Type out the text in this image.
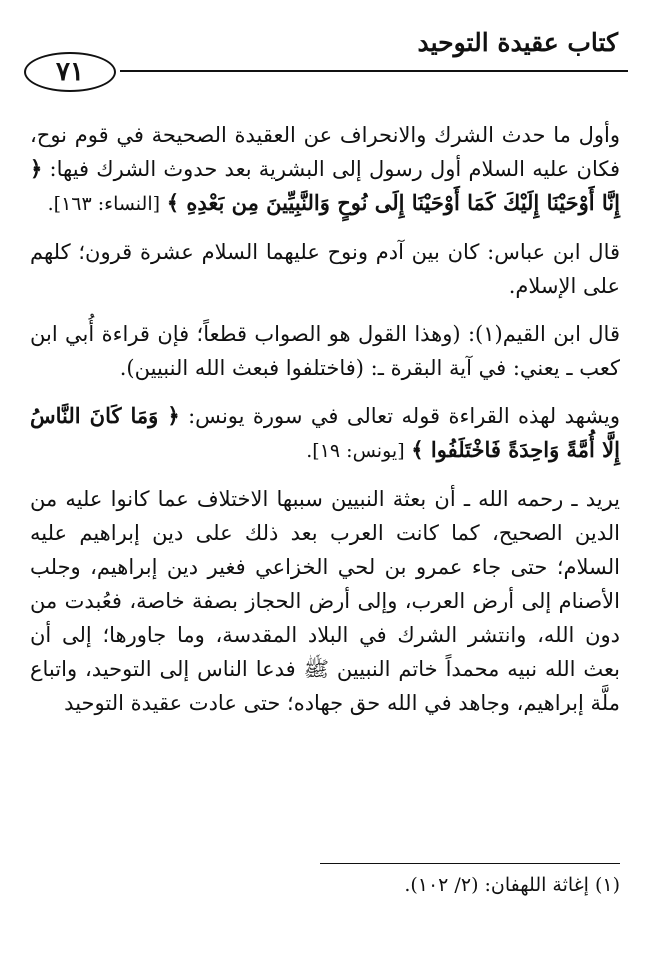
كتاب عقيدة التوحيد
٧١

وأول ما حدث الشرك والانحراف عن العقيدة الصحيحة في قوم نوح، فكان عليه السلام أول رسول إلى البشرية بعد حدوث الشرك فيها: ﴿ إِنَّا أَوْحَيْنَا إِلَيْكَ كَمَا أَوْحَيْنَا إِلَى نُوحٍ وَالنَّبِيِّينَ مِن بَعْدِهِ ﴾ [النساء: ١٦٣].

قال ابن عباس: كان بين آدم ونوح عليهما السلام عشرة قرون؛ كلهم على الإسلام.

قال ابن القيم(١): (وهذا القول هو الصواب قطعاً؛ فإن قراءة أُبي ابن كعب ـ يعني: في آية البقرة ـ: (فاختلفوا فبعث الله النبيين).

ويشهد لهذه القراءة قوله تعالى في سورة يونس: ﴿ وَمَا كَانَ النَّاسُ إِلَّا أُمَّةً وَاحِدَةً فَاخْتَلَفُوا ﴾ [يونس: ١٩].

يريد ـ رحمه الله ـ أن بعثة النبيين سببها الاختلاف عما كانوا عليه من الدين الصحيح، كما كانت العرب بعد ذلك على دين إبراهيم عليه السلام؛ حتى جاء عمرو بن لحي الخزاعي فغير دين إبراهيم، وجلب الأصنام إلى أرض العرب، وإلى أرض الحجاز بصفة خاصة، فعُبدت من دون الله، وانتشر الشرك في البلاد المقدسة، وما جاورها؛ إلى أن بعث الله نبيه محمداً خاتم النبيين ﷺ فدعا الناس إلى التوحيد، واتباع ملَّة إبراهيم، وجاهد في الله حق جهاده؛ حتى عادت عقيدة التوحيد

(١) إغاثة اللهفان: (٢/ ١٠٢).
